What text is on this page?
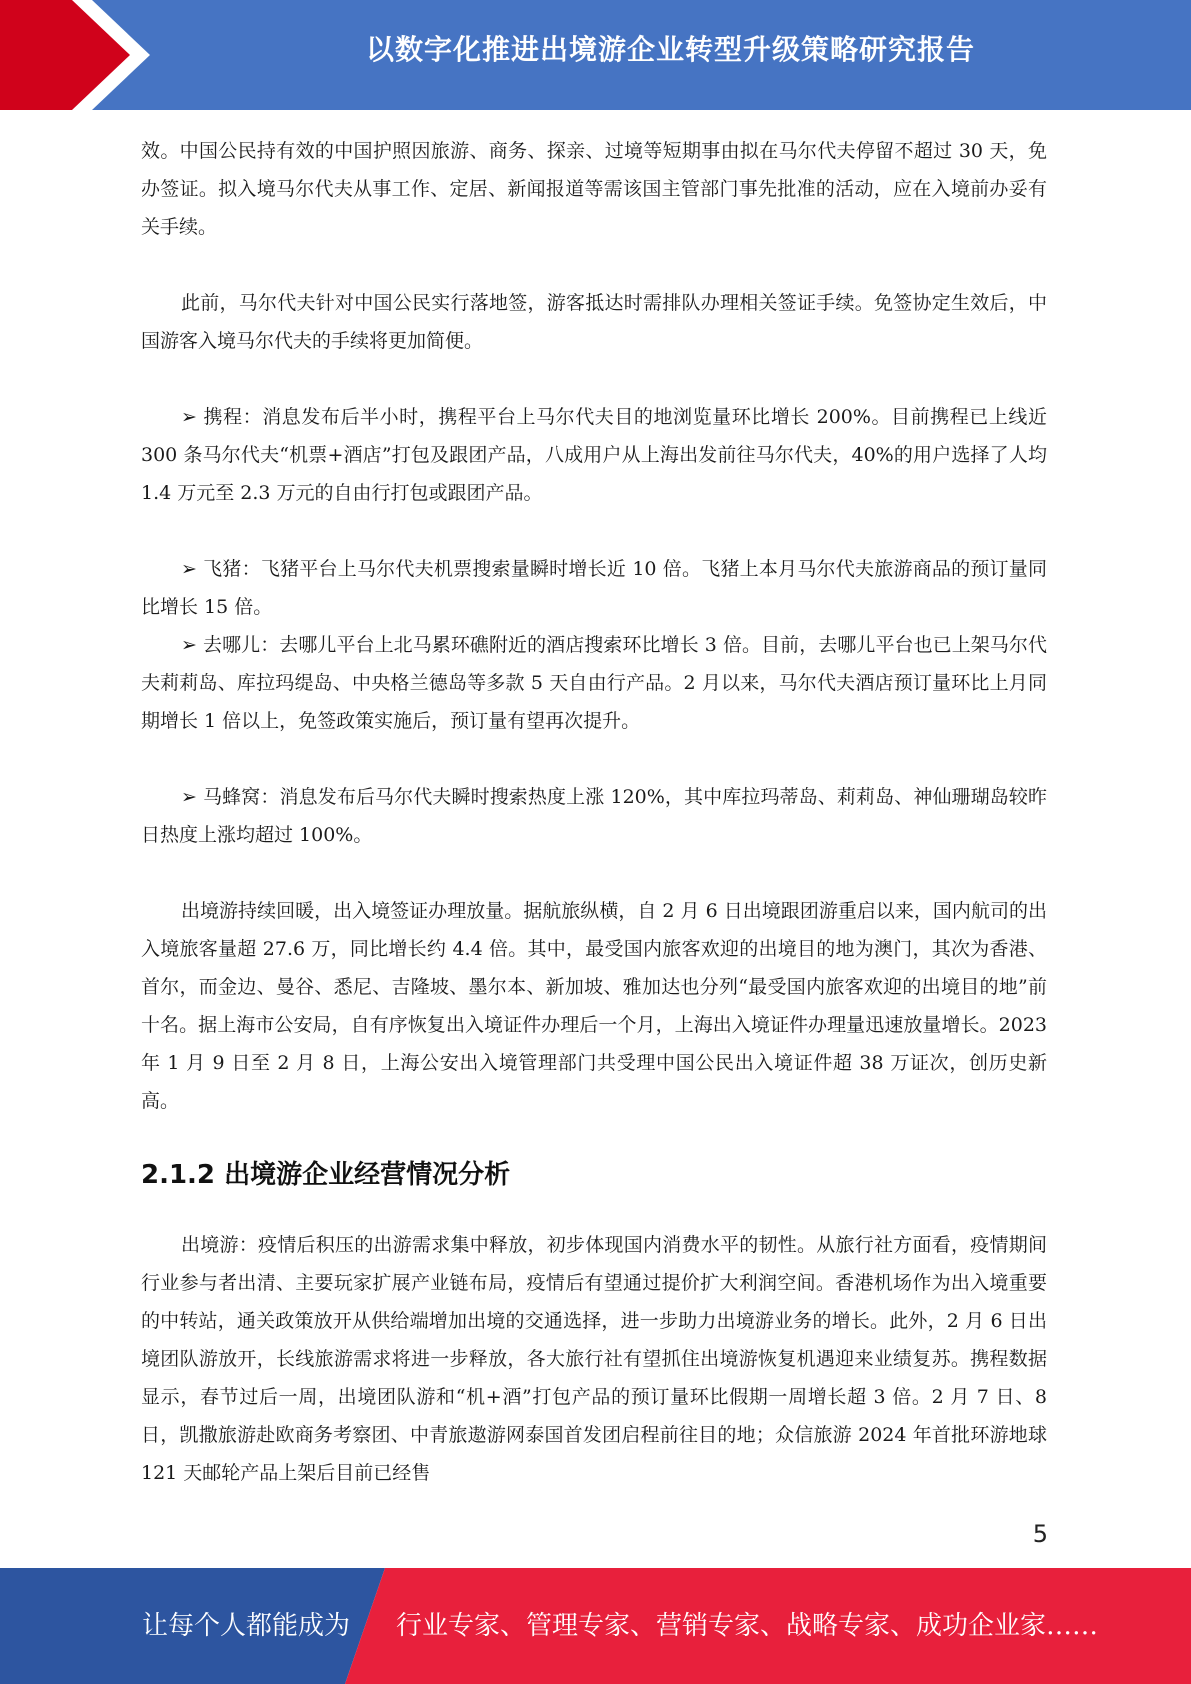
以数字化推进出境游企业转型升级策略研究报告

效。中国公民持有效的中国护照因旅游、商务、探亲、过境等短期事由拟在马尔代夫停留不超过 30 天，免办签证。拟入境马尔代夫从事工作、定居、新闻报道等需该国主管部门事先批准的活动，应在入境前办妥有关手续。

此前，马尔代夫针对中国公民实行落地签，游客抵达时需排队办理相关签证手续。免签协定生效后，中国游客入境马尔代夫的手续将更加简便。

➢ 携程：消息发布后半小时，携程平台上马尔代夫目的地浏览量环比增长 200%。目前携程已上线近 300 条马尔代夫“机票+酒店”打包及跟团产品，八成用户从上海出发前往马尔代夫，40%的用户选择了人均 1.4 万元至 2.3 万元的自由行打包或跟团产品。

➢ 飞猪：飞猪平台上马尔代夫机票搜索量瞬时增长近 10 倍。飞猪上本月马尔代夫旅游商品的预订量同比增长 15 倍。

➢ 去哪儿：去哪儿平台上北马累环礁附近的酒店搜索环比增长 3 倍。目前，去哪儿平台也已上架马尔代夫莉莉岛、库拉玛缇岛、中央格兰德岛等多款 5 天自由行产品。2 月以来，马尔代夫酒店预订量环比上月同期增长 1 倍以上，免签政策实施后，预订量有望再次提升。

➢ 马蜂窝：消息发布后马尔代夫瞬时搜索热度上涨 120%，其中库拉玛蒂岛、莉莉岛、神仙珊瑚岛较昨日热度上涨均超过 100%。

出境游持续回暖，出入境签证办理放量。据航旅纵横，自 2 月 6 日出境跟团游重启以来，国内航司的出入境旅客量超 27.6 万，同比增长约 4.4 倍。其中，最受国内旅客欢迎的出境目的地为澳门，其次为香港、首尔，而金边、曼谷、悉尼、吉隆坡、墨尔本、新加坡、雅加达也分列“最受国内旅客欢迎的出境目的地”前十名。据上海市公安局，自有序恢复出入境证件办理后一个月，上海出入境证件办理量迅速放量增长。2023 年 1 月 9 日至 2 月 8 日，上海公安出入境管理部门共受理中国公民出入境证件超 38 万证次，创历史新高。

2.1.2 出境游企业经营情况分析

出境游：疫情后积压的出游需求集中释放，初步体现国内消费水平的韧性。从旅行社方面看，疫情期间行业参与者出清、主要玩家扩展产业链布局，疫情后有望通过提价扩大利润空间。香港机场作为出入境重要的中转站，通关政策放开从供给端增加出境的交通选择，进一步助力出境游业务的增长。此外，2 月 6 日出境团队游放开，长线旅游需求将进一步释放，各大旅行社有望抓住出境游恢复机遇迎来业绩复苏。携程数据显示，春节过后一周，出境团队游和“机+酒”打包产品的预订量环比假期一周增长超 3 倍。2 月 7 日、8 日，凯撒旅游赴欧商务考察团、中青旅遨游网泰国首发团启程前往目的地；众信旅游 2024 年首批环游地球 121 天邮轮产品上架后目前已经售

5
让每个人都能成为 行业专家、管理专家、营销专家、战略专家、成功企业家……
